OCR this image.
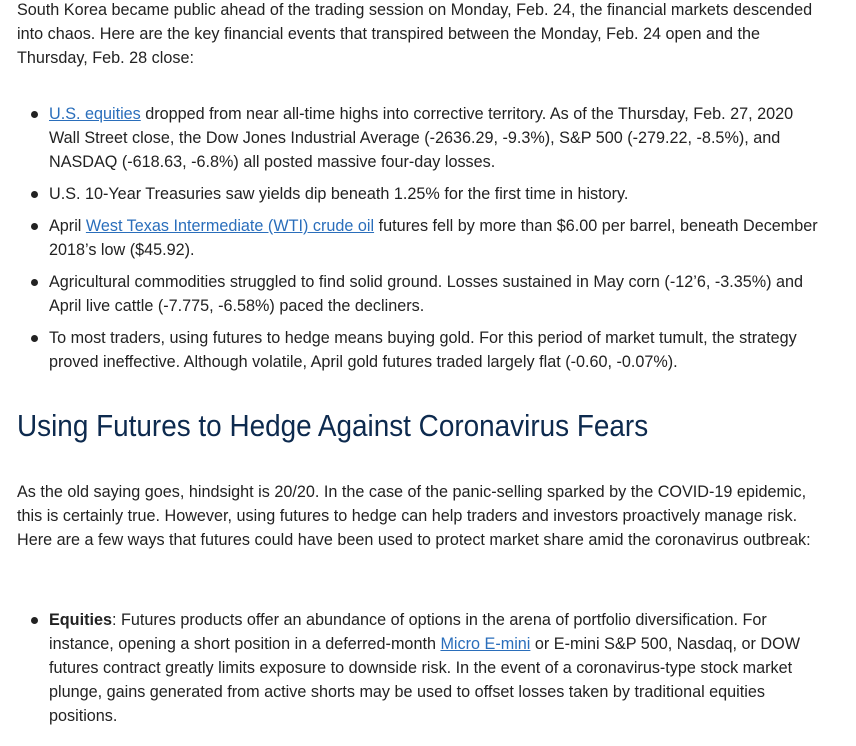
South Korea became public ahead of the trading session on Monday, Feb. 24, the financial markets descended into chaos. Here are the key financial events that transpired between the Monday, Feb. 24 open and the Thursday, Feb. 28 close:

U.S. equities dropped from near all-time highs into corrective territory. As of the Thursday, Feb. 27, 2020 Wall Street close, the Dow Jones Industrial Average (-2636.29, -9.3%), S&P 500 (-279.22, -8.5%), and NASDAQ (-618.63, -6.8%) all posted massive four-day losses.
U.S. 10-Year Treasuries saw yields dip beneath 1.25% for the first time in history.
April West Texas Intermediate (WTI) crude oil futures fell by more than $6.00 per barrel, beneath December 2018’s low ($45.92).
Agricultural commodities struggled to find solid ground. Losses sustained in May corn (-12’6, -3.35%) and April live cattle (-7.775, -6.58%) paced the decliners.
To most traders, using futures to hedge means buying gold. For this period of market tumult, the strategy proved ineffective. Although volatile, April gold futures traded largely flat (-0.60, -0.07%).
Using Futures to Hedge Against Coronavirus Fears

As the old saying goes, hindsight is 20/20. In the case of the panic-selling sparked by the COVID-19 epidemic, this is certainly true. However, using futures to hedge can help traders and investors proactively manage risk. Here are a few ways that futures could have been used to protect market share amid the coronavirus outbreak:

Equities: Futures products offer an abundance of options in the arena of portfolio diversification. For instance, opening a short position in a deferred-month Micro E-mini or E-mini S&P 500, Nasdaq, or DOW futures contract greatly limits exposure to downside risk. In the event of a coronavirus-type stock market plunge, gains generated from active shorts may be used to offset losses taken by traditional equities positions.
